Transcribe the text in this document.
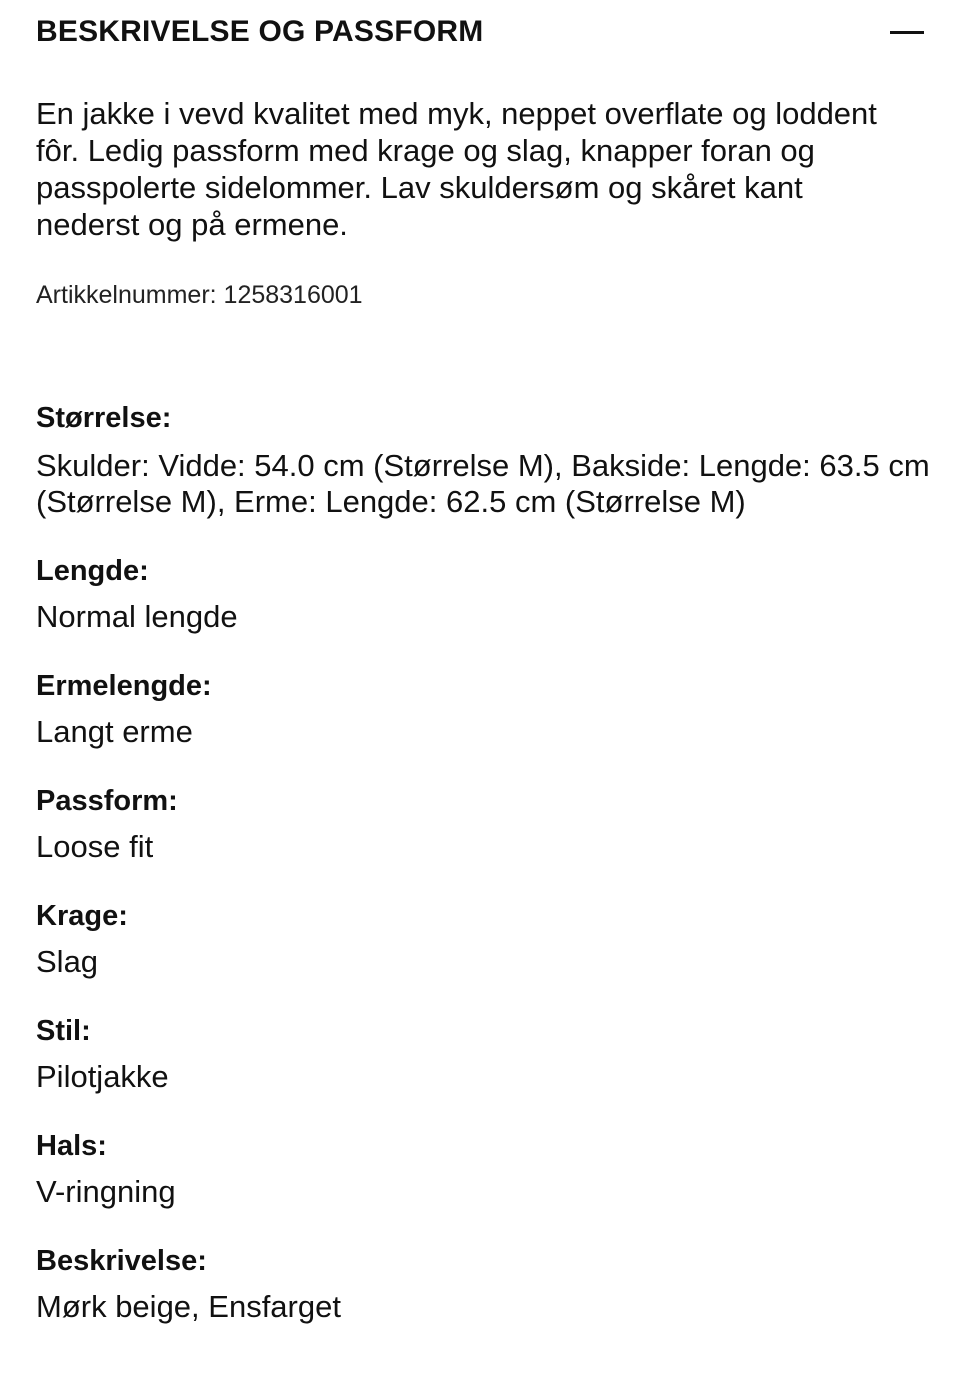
BESKRIVELSE OG PASSFORM
En jakke i vevd kvalitet med myk, neppet overflate og loddent fôr. Ledig passform med krage og slag, knapper foran og passpolerte sidelommer. Lav skuldersøm og skåret kant nederst og på ermene.
Artikkelnummer: 1258316001
Størrelse:
Skulder: Vidde: 54.0 cm (Størrelse M), Bakside: Lengde: 63.5 cm (Størrelse M), Erme: Lengde: 62.5 cm (Størrelse M)
Lengde:
Normal lengde
Ermelengde:
Langt erme
Passform:
Loose fit
Krage:
Slag
Stil:
Pilotjakke
Hals:
V-ringning
Beskrivelse:
Mørk beige, Ensfarget
